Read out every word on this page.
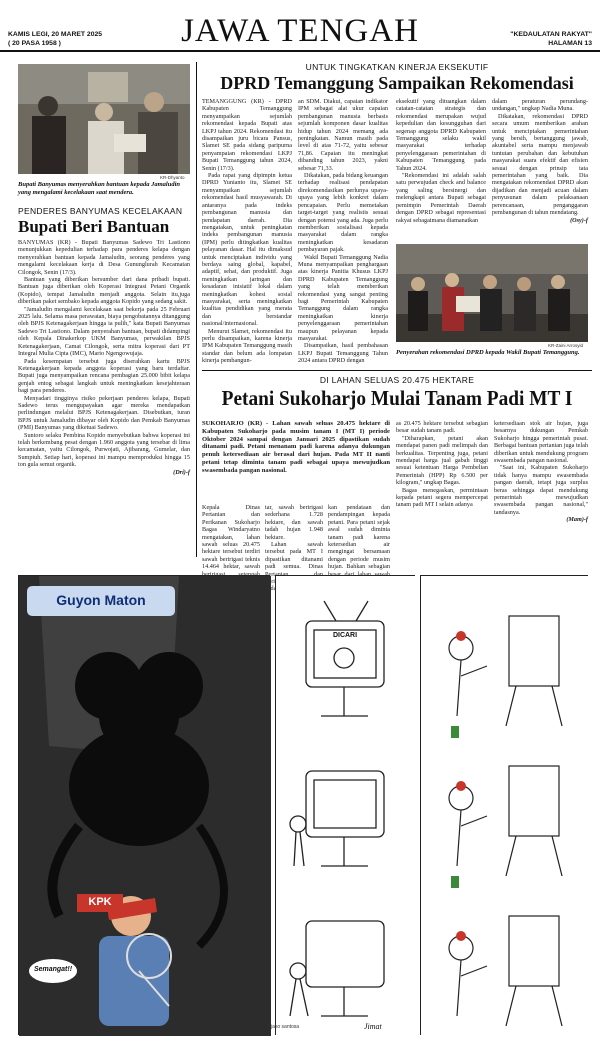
KAMIS LEGI, 20 MARET 2025
( 20 PASA 1958 )	JAWA TENGAH	"KEDAULATAN RAKYAT"
HALAMAN 13
KR-Dhyanto
Bupati Banyumas menyerahkan bantuan kepada Jamaludin yang mengalami kecelakaan saat mendera.
PENDERES BANYUMAS KECELAKAAN
Bupati Beri Bantuan

BANYUMAS (KR) - Bupati Banyumas Sadewo Tri Lastiono menunjukkan kepedulian terhadap para penderes kelapa dengan menyerahkan bantuan kepada Jamaludin, seorang penderes yang mengalami kecelakaan kerja di Desa Gununglurah Kecamatan Cilongok, Senin (17/3).

Bantuan yang diberikan bersumber dari dana pribadi bupati. Bantuan juga diberikan oleh Koperasi Integrasi Petani Organik (Kopido), tempat Jamaludin menjadi anggota. Selain itu,juga diberikan paket sembako kepada anggota Kopido yang sedang sakit.

"Jamaludin mengalami kecelakaan saat bekerja pada 25 Februari 2025 lalu. Selama masa perawatan, biaya pengobatannya ditanggung oleh BPJS Ketenagakerjaan hingga ia pulih," kata Bupati Banyumas Sadewo Tri Lastiono. Dalam penyerahan bantuan, bupati didampingi oleh Kepala Dinakerkop UKM Banyumas, perwakilan BPJS Ketenagakerjaan, Camat Cilongok, serta mitra koperasi dari PT Integral Mulia Cipta (IMC), Mario Ngengowujaja.

Pada kesempatan tersebut juga diserahkan kartu BPJS Ketenagakerjaan kepada anggota koperasi yang baru terdaftar. Bupati juga menyampaikan rencana pembagian 25.000 bibit kelapa genjah entog sebagai langkah untuk meningkatkan kesejahteraan bagi para penderes.

Menyadari tingginya risiko pekerjaan penderes kelapa, Bupati Sadewo terus mengupayakan agar mereka mendapatkan perlindungan melalui BPJS Ketenagakerjaan. Disebutkan, iuran BPJS untuk Jamaludin dibayar oleh Kopido dan Pemkab Banyumas (PMI) Banyumas yang diketuai Sadewo.

Suntoro selaku Pembina Kopido menyebutkan bahwa koperasi ini telah berkembang pesat dengan 1.960 anggota yang tersebar di lima kecamatan, yaitu Cilongok, Purwojati, Ajibarang, Gumelar, dan Sumpiuh. Setiap hari, koperasi ini mampu memproduksi hingga 15 ton gula semut organik.

(Dri)-f
UNTUK TINGKATKAN KINERJA EKSEKUTIF
DPRD Temanggung Sampaikan Rekomendasi

TEMANGGUNG (KR) - DPRD Kabupaten Temanggung menyampaikan sejumlah rekomendasi kepada Bupati atas LKPJ tahun 2024. Rekomendasi itu disampaikan juru bicara Pansus, Slamet SE pada sidang paripurna penyampaian rekomendasi LKPJ Bupati Temanggung tahun 2024, Senin (17/3).

Pada rapat yang dipimpin ketua DPRD Yunianto itu, Slamet SE menyampaikan sejumlah rekomendasi hasil musyawarah. Di antaranya pada indeks pembangunan manusia dan pendapatan daerah. Dia mengatakan, untuk peningkatan indeks pembangunan manusia (IPM) perlu ditingkatkan kualitas pelayanan dasar. Hal itu dimaksud untuk menciptakan individu yang berdaya saing global, kapabel, adaptif, sehat, dan produktif. Juga meningkatkan jaringan dan kesadaran inisiatif lokal dalam meningkatkan kohesi sosial masyarakat, serta meningkatkan kualitas pendidikan yang merata dan berstandar nasional/internasional.

Menurut Slamet, rekomendasi itu perlu disampaikan, karena kinerja IPM Kabupaten Temanggung masih standar dan belum ada lompatan kinerja pembangun-

an SDM. Diakui, capaian indikator IPM sebagai alat ukur capaian pembangunan manusia berbasis sejumlah komponen dasar kualitas hidup tahun 2024 memang ada peningkatan. Namun masih pada level di atas 71-72, yaitu sebesar 71,86. Capaian itu meningkat dibanding tahun 2023, yakni sebesar 71,33.

Dikatakan, pada bidang keuangan terhadap realisasi pendapatan direkomendasikan perlunya upaya-upaya yang lebih konkret dalam pencapaian. Perlu memetakan target-target yang realistis sesuai dengan potensi yang ada. Juga perlu memberikan sosialisasi kepada masyarakat dalam rangka meningkatkan kesadaran pembayaran pajak.

Wakil Bupati Temanggung Nadia Muna menyampaikan penghargaan atas kinerja Panitia Khusus LKPJ DPRD Kabupaten Temanggung yang telah memberikan rekomendasi yang sangat penting bagi Pemerintah Kabupaten Temanggung dalam rangka meningkatkan kinerja penyelenggaraan pemerintahan maupun pelayanan kepada masyarakat.

Disampaikan, hasil pembahasan LKPJ Bupati Temanggung Tahun 2024 antara DPRD dengan

eksekutif yang dituangkan dalam catatan-catatan strategis dan rekomendasi merupakan wujud kepedulian dan kesungguhan dari segenap anggota DPRD Kabupaten Temanggung selaku wakil masyarakat terhadap penyelenggaraan pemerintahan di Kabupaten Temanggung pada Tahun 2024.

"Rekomendasi ini adalah salah satu perwujudan check and balance yang saling bersinergi dan melengkapi antara Bupati sebagai pemimpin Pemerintah Daerah dengan DPRD sebagai representasi rakyat sebagaimana diamanatkan

dalam peraturan perundang-undangan," ungkap Nadia Muna.

Dikatakan, rekomendasi DPRD secara umum memberikan arahan untuk menciptakan pemerintahan yang bersih, bertanggung jawab, akuntabel serta mampu menjawab tuntutan perubahan dan kebutuhan masyarakat suara efektif dan efisien sesuai dengan prinsip tata pemerintahan yang baik. Dia mengatakan rekomendasi DPRD akan dijadikan dan menjadi acuan dalam penyusunan dalam pelaksanaan perencanaan, penganggaran pembangunan di tahun mendatang.

(Osy)-f
KR-Zaini Arrosyid
Penyerahan rekomendasi DPRD kepada Wakil Bupati Temanggung.
DI LAHAN SELUAS 20.475 HEKTARE
Petani Sukoharjo Mulai Tanam Padi MT I
SUKOHARJO (KR) - Lahan sawah seluas 20.475 hektare di Kabupaten Sukoharjo pada musim tanam I (MT I) periode Oktober 2024 sampai dengan Januari 2025 dipastikan sudah ditanami padi. Petani menanam padi karena adanya dukungan penuh ketersediaan air berasal dari hujan. Pada MT II nanti petani tetap diminta tanam padi sebagai upaya mewujudkan swasembada pangan nasional.

Kepala Dinas Pertanian dan Perikanan Sukoharjo Bagas Windaryatno mengatakan, lahan sawah seluas 20.475 hektare tersebut terdiri sawah beririgasi teknis 14.464 hektar, sawah

tar, sawah beririgasi sederhana 1.728 hektare, dan sawah tadah hujan 1.948 hektare.

Lahan sawah tersebut pada MT I dipastikan ditanami padi semua. Dinas sudah

kan pendataan dan pendampingan kepada petani. Para petani sejak awal sudah diminta tanam padi karena ketersedian air mengingat bersamaan dengan periode musim hujan. Bahkan sebagian

as 20.475 hektare tersebut sebagian besar sudah tanam padi.

"Diharapkan, petani akan mendapat panen padi melimpah dan berkualitas. Terpenting juga, petani mendapat harga jual gabah tinggi sesuai ketentuan Harga Pembelian Pemerintah (HPP) Rp 6.500 per kilogram," ungkap Bagas.

Bagas menegaskan, permintaan kepada petani segera mempercepat tanam padi MT I selain adanya

ketersediaan stok air hujan, juga besarnya dukungan Pemkab Sukoharjo hingga pemerintah pusat. Berbagai bantuan pertanian juga telah diberikan untuk mendukung program swasembada pangan nasional.

"Saat ini, Kabupaten Sukoharjo tidak hanya mampu swasembada pangan daerah, tetapi juga surplus beras sehingga dapat mendukung pemerintah mewujudkan swasembada pangan nasional," tandasnya.

(Mam)-f
Guyon Maton
KPK
Semangat!!
DICARI
Jimat
jako santosa
